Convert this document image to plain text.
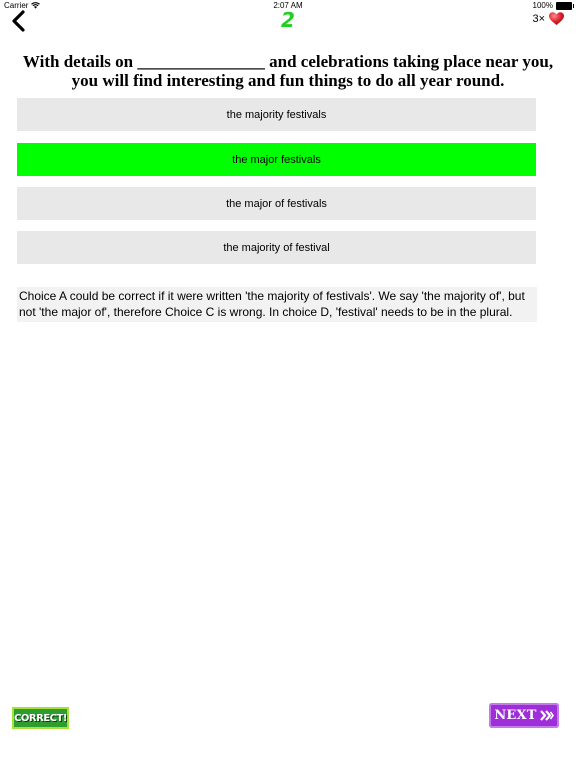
Carrier	2:07 AM	100%
2	3×
With details on _______________ and celebrations taking place near you, you will find interesting and fun things to do all year round.
the majority festivals
the major festivals
the major of festivals
the majority of festival
Choice A could be correct if it were written 'the majority of festivals'. We say 'the majority of', but not 'the major of', therefore Choice C is wrong. In choice D, 'festival' needs to be in the plural.
CORRECT!	NEXT
